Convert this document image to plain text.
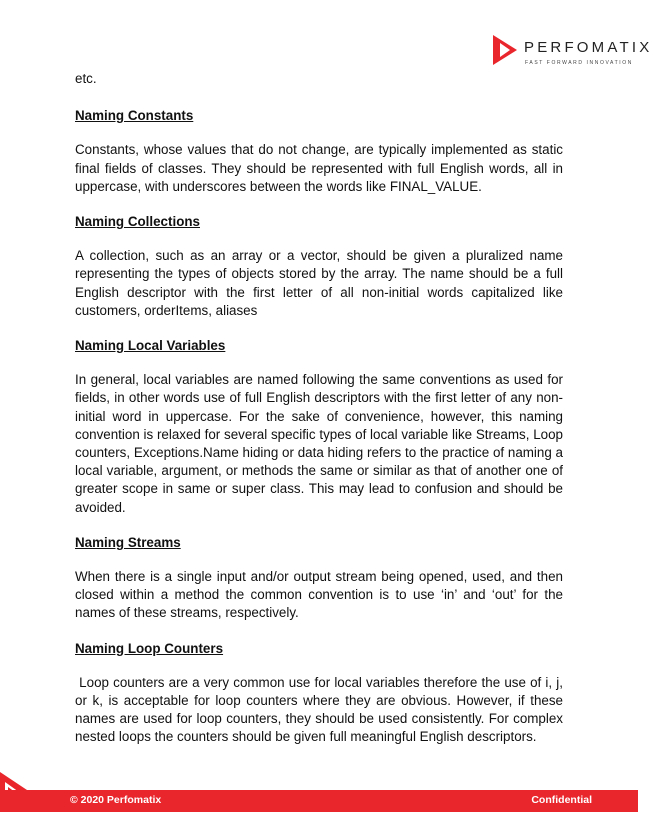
PERFOMATIX
FAST FORWARD INNOVATION

etc.

Naming Constants

Constants, whose values that do not change, are typically implemented as static final fields of classes. They should be represented with full English words, all in uppercase, with underscores between the words like FINAL_VALUE.

Naming Collections

A collection, such as an array or a vector, should be given a pluralized name representing the types of objects stored by the array. The name should be a full English descriptor with the first letter of all non-initial words capitalized like customers, orderItems, aliases

Naming Local Variables

In general, local variables are named following the same conventions as used for fields, in other words use of full English descriptors with the first letter of any non-initial word in uppercase. For the sake of convenience, however, this naming convention is relaxed for several specific types of local variable like Streams, Loop counters, Exceptions.Name hiding or data hiding refers to the practice of naming a local variable, argument, or methods the same or similar as that of another one of greater scope in same or super class. This may lead to confusion and should be avoided.

Naming Streams

When there is a single input and/or output stream being opened, used, and then closed within a method the common convention is to use ‘in’ and ‘out’ for the names of these streams, respectively.

Naming Loop Counters

Loop counters are a very common use for local variables therefore the use of i, j, or k, is acceptable for loop counters where they are obvious. However, if these names are used for loop counters, they should be used consistently. For complex nested loops the counters should be given full meaningful English descriptors.

© 2020 Perfomatix	Confidential
